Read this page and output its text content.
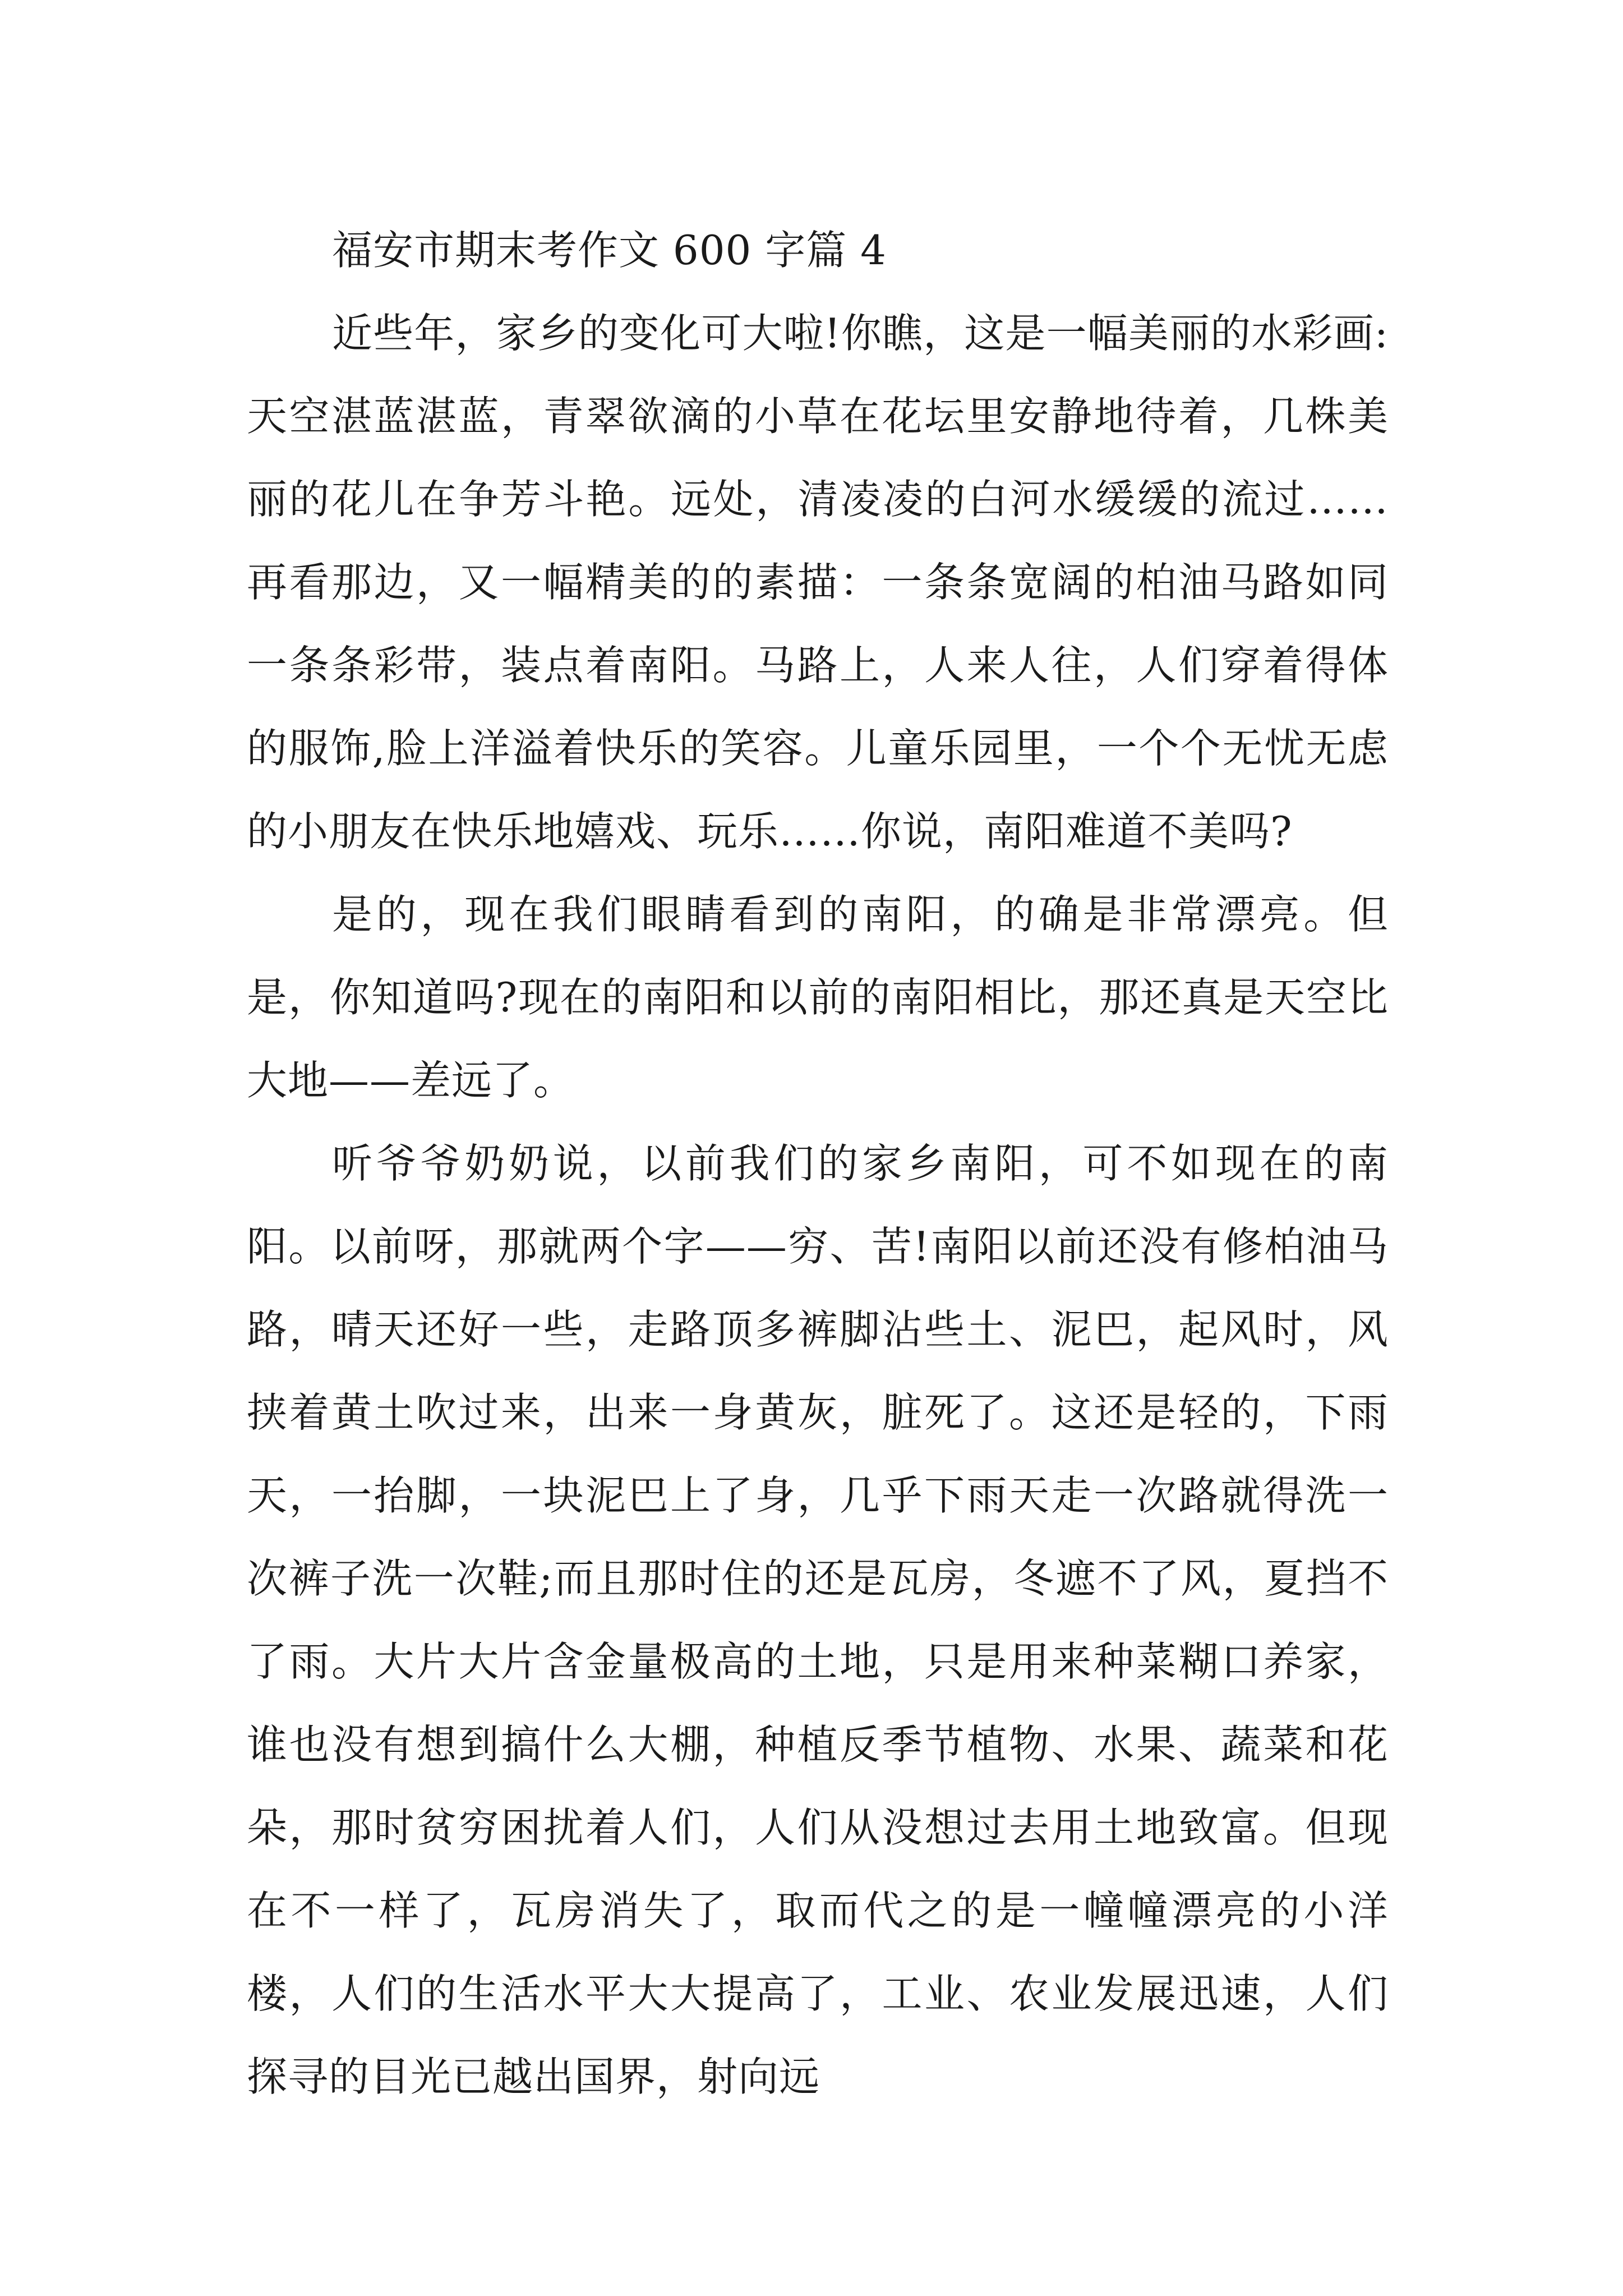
福安市期末考作文 600 字篇 4

近些年，家乡的变化可大啦!你瞧，这是一幅美丽的水彩画:天空湛蓝湛蓝，青翠欲滴的小草在花坛里安静地待着，几株美丽的花儿在争芳斗艳。远处，清凌凌的白河水缓缓的流过……再看那边，又一幅精美的的素描：一条条宽阔的柏油马路如同一条条彩带，装点着南阳。马路上，人来人往，人们穿着得体的服饰,脸上洋溢着快乐的笑容。儿童乐园里，一个个无忧无虑的小朋友在快乐地嬉戏、玩乐……你说，南阳难道不美吗?

是的，现在我们眼睛看到的南阳，的确是非常漂亮。但是，你知道吗?现在的南阳和以前的南阳相比，那还真是天空比大地——差远了。

听爷爷奶奶说，以前我们的家乡南阳，可不如现在的南阳。以前呀，那就两个字——穷、苦!南阳以前还没有修柏油马路，晴天还好一些，走路顶多裤脚沾些土、泥巴，起风时，风挟着黄土吹过来，出来一身黄灰，脏死了。这还是轻的，下雨天，一抬脚，一块泥巴上了身，几乎下雨天走一次路就得洗一次裤子洗一次鞋;而且那时住的还是瓦房，冬遮不了风，夏挡不了雨。大片大片含金量极高的土地，只是用来种菜糊口养家，谁也没有想到搞什么大棚，种植反季节植物、水果、蔬菜和花朵，那时贫穷困扰着人们，人们从没想过去用土地致富。但现在不一样了，瓦房消失了，取而代之的是一幢幢漂亮的小洋楼，人们的生活水平大大提高了，工业、农业发展迅速，人们探寻的目光已越出国界，射向远
